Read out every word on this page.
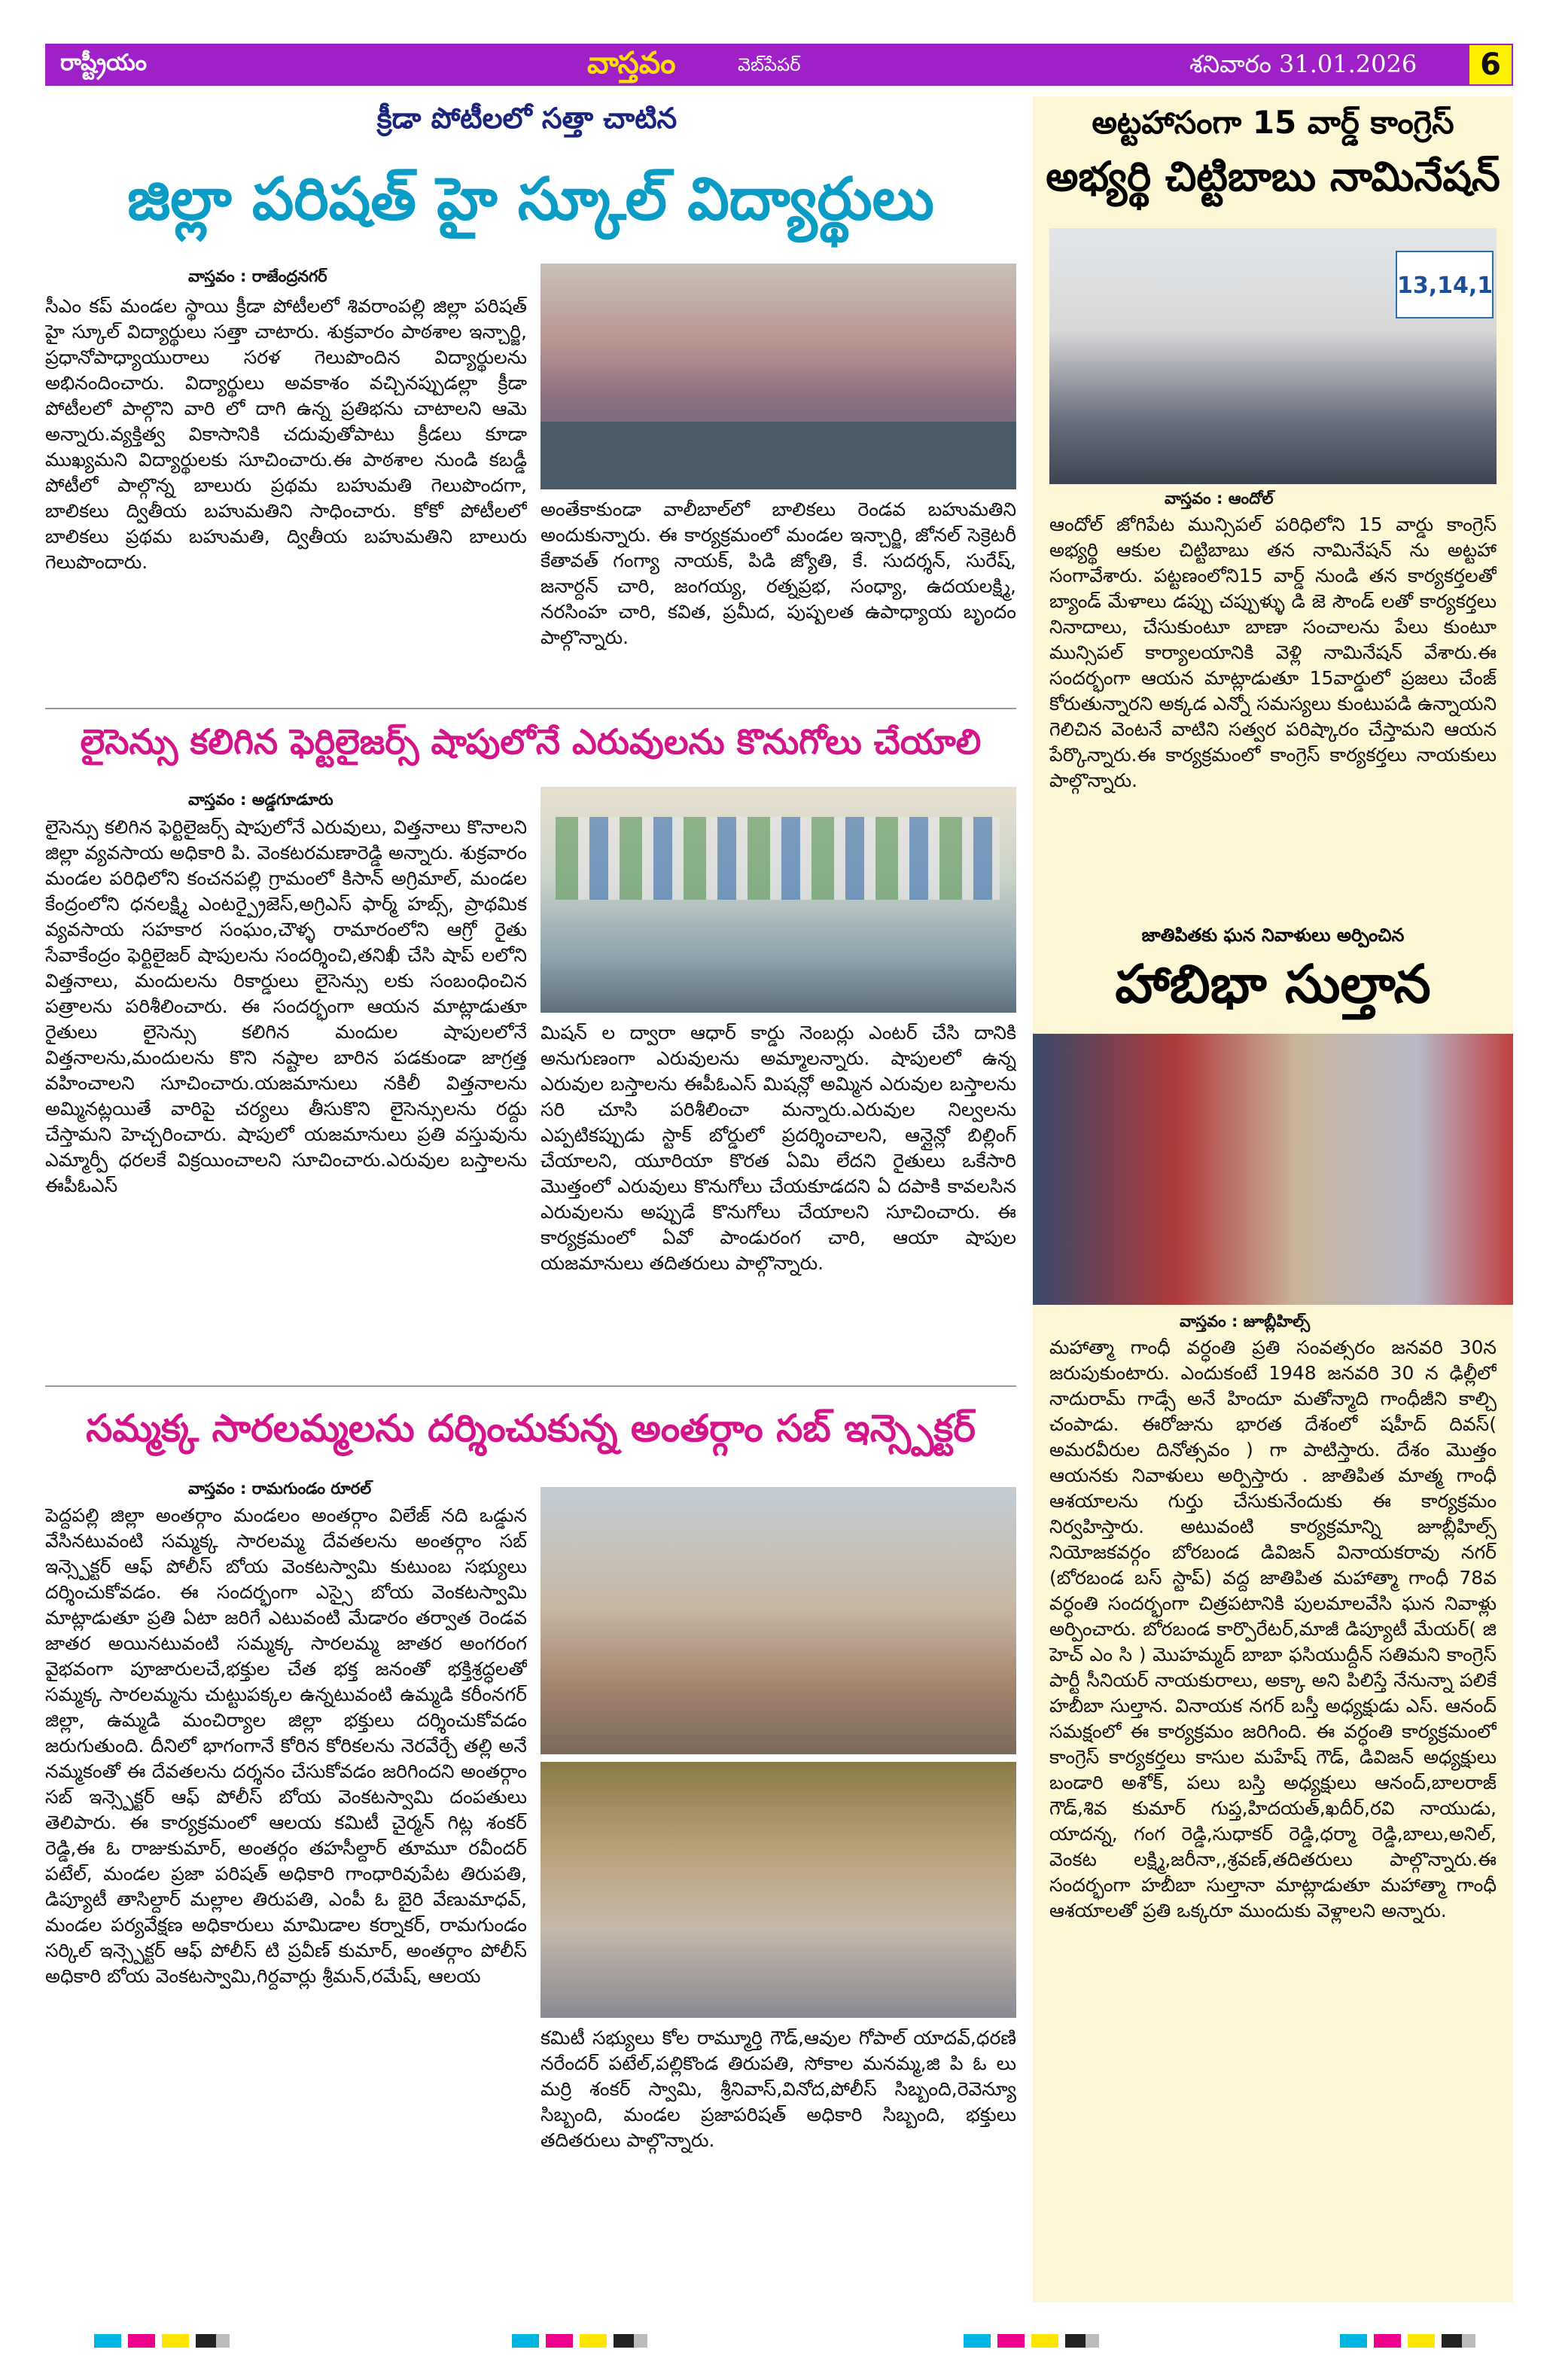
రాష్ట్రీయం	వాస్తవం	వెబ్‌పేపర్	శనివారం 31.01.2026	6
క్రీడా పోటీలలో సత్తా చాటిన
జిల్లా పరిషత్ హై స్కూల్ విద్యార్థులు
వాస్తవం : రాజేంద్రనగర్
సీఎం కప్ మండల స్థాయి క్రీడా పోటీలలో శివరాంపల్లి జిల్లా పరిషత్ హై స్కూల్ విద్యార్థులు సత్తా చాటారు. శుక్రవారం పాఠశాల ఇన్చార్జి, ప్రధానోపాధ్యాయురాలు సరళ గెలుపొందిన విద్యార్థులను అభినందించారు. విద్యార్థులు అవకాశం వచ్చినప్పుడల్లా క్రీడా పోటీలలో పాల్గొని వారి లో దాగి ఉన్న ప్రతిభను చాటాలని ఆమె అన్నారు.వ్యక్తిత్వ వికాసానికి చదువుతోపాటు క్రీడలు కూడా ముఖ్యమని విద్యార్థులకు సూచించారు.ఈ పాఠశాల నుండి కబడ్డీ పోటీలో పాల్గొన్న బాలురు ప్రథమ బహుమతి గెలుపొందగా, బాలికలు ద్వితీయ బహుమతిని సాధించారు. కోకో పోటీలలో బాలికలు ప్రథమ బహుమతి, ద్వితీయ బహుమతిని బాలురు గెలుపొందారు.
అంతేకాకుండా వాలీబాల్‌లో బాలికలు రెండవ బహుమతిని అందుకున్నారు. ఈ కార్యక్రమంలో మండల ఇన్చార్జి, జోనల్ సెక్రెటరీ కేతావత్ గంగ్యా నాయక్, పిడి జ్యోతి, కే. సుదర్శన్, సురేష్, జనార్దన్ చారి, జంగయ్య, రత్నప్రభ, సంధ్యా, ఉదయలక్ష్మి, నరసింహ చారి, కవిత, ప్రమీద, పుష్పలత ఉపాధ్యాయ బృందం పాల్గొన్నారు.
లైసెన్సు కలిగిన ఫెర్టిలైజర్స్ షాపులోనే ఎరువులను కొనుగోలు చేయాలి
వాస్తవం : అడ్డగూడూరు
లైసెన్సు కలిగిన ఫెర్టిలైజర్స్ షాపులోనే ఎరువులు, విత్తనాలు కొనాలని జిల్లా వ్యవసాయ అధికారి పి. వెంకటరమణారెడ్డి అన్నారు. శుక్రవారం మండల పరిధిలోని కంచనపల్లి గ్రామంలో కిసాన్ అగ్రిమాల్, మండల కేంద్రంలోని ధనలక్ష్మి ఎంటర్ప్రైజెస్,అగ్రిఎస్ ఫార్మ్ హబ్స్, ప్రాథమిక వ్యవసాయ సహకార సంఘం,చౌళ్ళ రామారంలోని ఆగ్రో రైతు సేవాకేంద్రం ఫెర్టిలైజర్ షాపులను సందర్శించి,తనిఖీ చేసి షాప్ లలోని విత్తనాలు, మందులను రికార్డులు లైసెన్సు లకు సంబంధించిన పత్రాలను పరిశీలించారు. ఈ సందర్భంగా ఆయన మాట్లాడుతూ రైతులు లైసెన్సు కలిగిన మందుల షాపులలోనే విత్తనాలను,మందులను కొని నష్టాల బారిన పడకుండా జాగ్రత్త వహించాలని సూచించారు.యజమానులు నకిలీ విత్తనాలను అమ్మినట్లయితే వారిపై చర్యలు తీసుకొని లైసెన్సులను రద్దు చేస్తామని హెచ్చరించారు. షాపులో యజమానులు ప్రతి వస్తువును ఎమ్మార్పీ ధరలకే విక్రయించాలని సూచించారు.ఎరువుల బస్తాలను ఈపీఓఎస్
మిషన్ ల ద్వారా ఆధార్ కార్డు నెంబర్లు ఎంటర్ చేసి దానికి అనుగుణంగా ఎరువులను అమ్మాలన్నారు. షాపులలో ఉన్న ఎరువుల బస్తాలను ఈపీఓఎస్ మిషన్లో అమ్మిన ఎరువుల బస్తాలను సరి చూసి పరిశీలించా మన్నారు.ఎరువుల నిల్వలను ఎప్పటికప్పుడు స్టాక్ బోర్డులో ప్రదర్శించాలని, ఆన్లైన్లో బిల్లింగ్ చేయాలని, యూరియా కొరత ఏమి లేదని రైతులు ఒకేసారి మొత్తంలో ఎరువులు కొనుగోలు చేయకూడదని ఏ దపాకి కావలసిన ఎరువులను అప్పుడే కొనుగోలు చేయాలని సూచించారు. ఈ కార్యక్రమంలో ఏవో పాండురంగ చారి, ఆయా షాపుల యజమానులు తదితరులు పాల్గొన్నారు.
సమ్మక్క సారలమ్మలను దర్శించుకున్న అంతర్గాం సబ్ ఇన్స్పెక్టర్
వాస్తవం : రామగుండం రూరల్
పెద్దపల్లి జిల్లా అంతర్గాం మండలం అంతర్గాం విలేజ్ నది ఒడ్డున వేసినటువంటి సమ్మక్క సారలమ్మ దేవతలను అంతర్గాం సబ్ ఇన్స్పెక్టర్ ఆఫ్ పోలీస్ బోయ వెంకటస్వామి కుటుంబ సభ్యులు దర్శించుకోవడం. ఈ సందర్భంగా ఎస్సై బోయ వెంకటస్వామి మాట్లాడుతూ ప్రతి ఏటా జరిగే ఎటువంటి మేడారం తర్వాత రెండవ జాతర అయినటువంటి సమ్మక్క సారలమ్మ జాతర అంగరంగ వైభవంగా పూజారులచే,భక్తుల చేత భక్త జనంతో భక్తిశ్రద్ధలతో సమ్మక్క సారలమ్మను చుట్టుపక్కల ఉన్నటువంటి ఉమ్మడి కరీంనగర్ జిల్లా, ఉమ్మడి మంచిర్యాల జిల్లా భక్తులు దర్శించుకోవడం జరుగుతుంది. దీనిలో భాగంగానే కోరిన కోరికలను నెరవేర్చే తల్లి అనే నమ్మకంతో ఈ దేవతలను దర్శనం చేసుకోవడం జరిగిందని అంతర్గాం సబ్ ఇన్స్పెక్టర్ ఆఫ్ పోలీస్ బోయ వెంకటస్వామి దంపతులు తెలిపారు. ఈ కార్యక్రమంలో ఆలయ కమిటీ చైర్మన్ గిట్ల శంకర్ రెడ్డి,ఈ ఓ రాజుకుమార్, అంతర్గం తహసీల్దార్ తూమూ రవీందర్ పటేల్, మండల ప్రజా పరిషత్ అధికారి గాంధారివుపేట తిరుపతి, డిప్యూటీ తాసిల్దార్ మల్లాల తిరుపతి, ఎంపీ ఓ బైరి వేణుమాధవ్, మండల పర్యవేక్షణ అధికారులు మామిడాల కర్నాకర్, రామగుండం సర్కిల్ ఇన్స్పెక్టర్ ఆఫ్ పోలీస్ టి ప్రవీణ్ కుమార్, అంతర్గాం పోలీస్ అధికారి బోయ వెంకటస్వామి,గిర్దవార్లు శ్రీమన్,రమేష్, ఆలయ
కమిటీ సభ్యులు కోల రామ్మూర్తి గౌడ్,ఆవుల గోపాల్ యాదవ్,ధరణి నరేందర్ పటేల్,పల్లికొండ తిరుపతి, సోకాల మనమ్మ,జి పి ఓ లు మర్రి శంకర్ స్వామి, శ్రీనివాస్,వినోద,పోలీస్ సిబ్బంది,రెవెన్యూ సిబ్బంది, మండల ప్రజాపరిషత్ అధికారి సిబ్బంది, భక్తులు తదితరులు పాల్గొన్నారు.
అట్టహాసంగా 15 వార్డ్ కాంగ్రెస్
అభ్యర్థి చిట్టిబాబు నామినేషన్
13,14,1
వాస్తవం : ఆందోల్
ఆందోల్ జోగిపేట మున్సిపల్ పరిధిలోని 15 వార్డు కాంగ్రెస్ అభ్యర్థి ఆకుల చిట్టిబాబు తన నామినేషన్ ను అట్టహా సంగావేశారు. పట్టణంలోని15 వార్డ్ నుండి తన కార్యకర్తలతో బ్యాండ్ మేళాలు డప్పు చప్పుళ్ళు డి జె సౌండ్ లతో కార్యకర్తలు నినాదాలు, చేసుకుంటూ బాణా సంచాలను పేలు కుంటూ మున్సిపల్ కార్యాలయానికి వెళ్లి నామినేషన్ వేశారు.ఈ సందర్భంగా ఆయన మాట్లాడుతూ 15వార్డులో ప్రజలు చేంజ్ కోరుతున్నారని అక్కడ ఎన్నో సమస్యలు కుంటుపడి ఉన్నాయని గెలిచిన వెంటనే వాటిని సత్వర పరిష్కారం చేస్తామని ఆయన పేర్కొన్నారు.ఈ కార్యక్రమంలో కాంగ్రెస్ కార్యకర్తలు నాయకులు పాల్గొన్నారు.
జాతిపితకు ఘన నివాళులు అర్పించిన
హాబిభా సుల్తాన
వాస్తవం : జూబ్లీహిల్స్
మహాత్మా గాంధీ వర్ధంతి ప్రతి సంవత్సరం జనవరి 30న జరుపుకుంటారు. ఎందుకంటే 1948 జనవరి 30 న ఢిల్లీలో నాదురామ్ గాడ్సే అనే హిందూ మతోన్మాది గాంధీజీని కాల్చి చంపాడు. ఈరోజును భారత దేశంలో షహీద్ దివస్( అమరవీరుల దినోత్సవం ) గా పాటిస్తారు. దేశం మొత్తం ఆయనకు నివాళులు అర్పిస్తారు . జాతిపిత మాత్మ గాంధీ ఆశయాలను గుర్తు చేసుకునేందుకు ఈ కార్యక్రమం నిర్వహిస్తారు. అటువంటి కార్యక్రమాన్ని జూబ్లీహిల్స్ నియోజకవర్గం బోరబండ డివిజన్ వినాయకరావు నగర్ (బోరబండ బస్ స్టాప్) వద్ద జాతిపిత మహాత్మా గాంధీ 78వ వర్ధంతి సందర్భంగా చిత్రపటానికి పులమాలవేసి ఘన నివాళ్లు అర్పించారు. బోరబండ కార్పొరేటర్,మాజీ డిప్యూటీ మేయర్( జి హెచ్ ఎం సి ) మొహమ్మద్ బాబా ఫసియుద్దీన్ సతిమని కాంగ్రెస్ పార్టీ సీనియర్ నాయకురాలు, అక్కా అని పిలిస్తే నేనున్నా పలికే హబీబా సుల్తాన. వినాయక నగర్ బస్తీ అధ్యక్షుడు ఎస్. ఆనంద్ సమక్షంలో ఈ కార్యక్రమం జరిగింది. ఈ వర్ధంతి కార్యక్రమంలో కాంగ్రెస్ కార్యకర్తలు కాసుల మహేష్ గౌడ్, డివిజన్ అధ్యక్షులు బండారి అశోక్, పలు బస్తి అధ్యక్షులు ఆనంద్,బాలరాజ్ గౌడ్,శివ కుమార్ గుప్త,హిదయత్,ఖదీర్,రవి నాయుడు, యాదన్న, గంగ రెడ్డి,సుధాకర్ రెడ్డి,ధర్మా రెడ్డి,బాలు,అనిల్, వెంకట లక్ష్మి,జరీనా,,శ్రవణ్,తదితరులు పాల్గొన్నారు.ఈ సందర్భంగా హబీబా సుల్తానా మాట్లాడుతూ మహాత్మా గాంధీ ఆశయాలతో ప్రతి ఒక్కరూ ముందుకు వెళ్లాలని అన్నారు.
